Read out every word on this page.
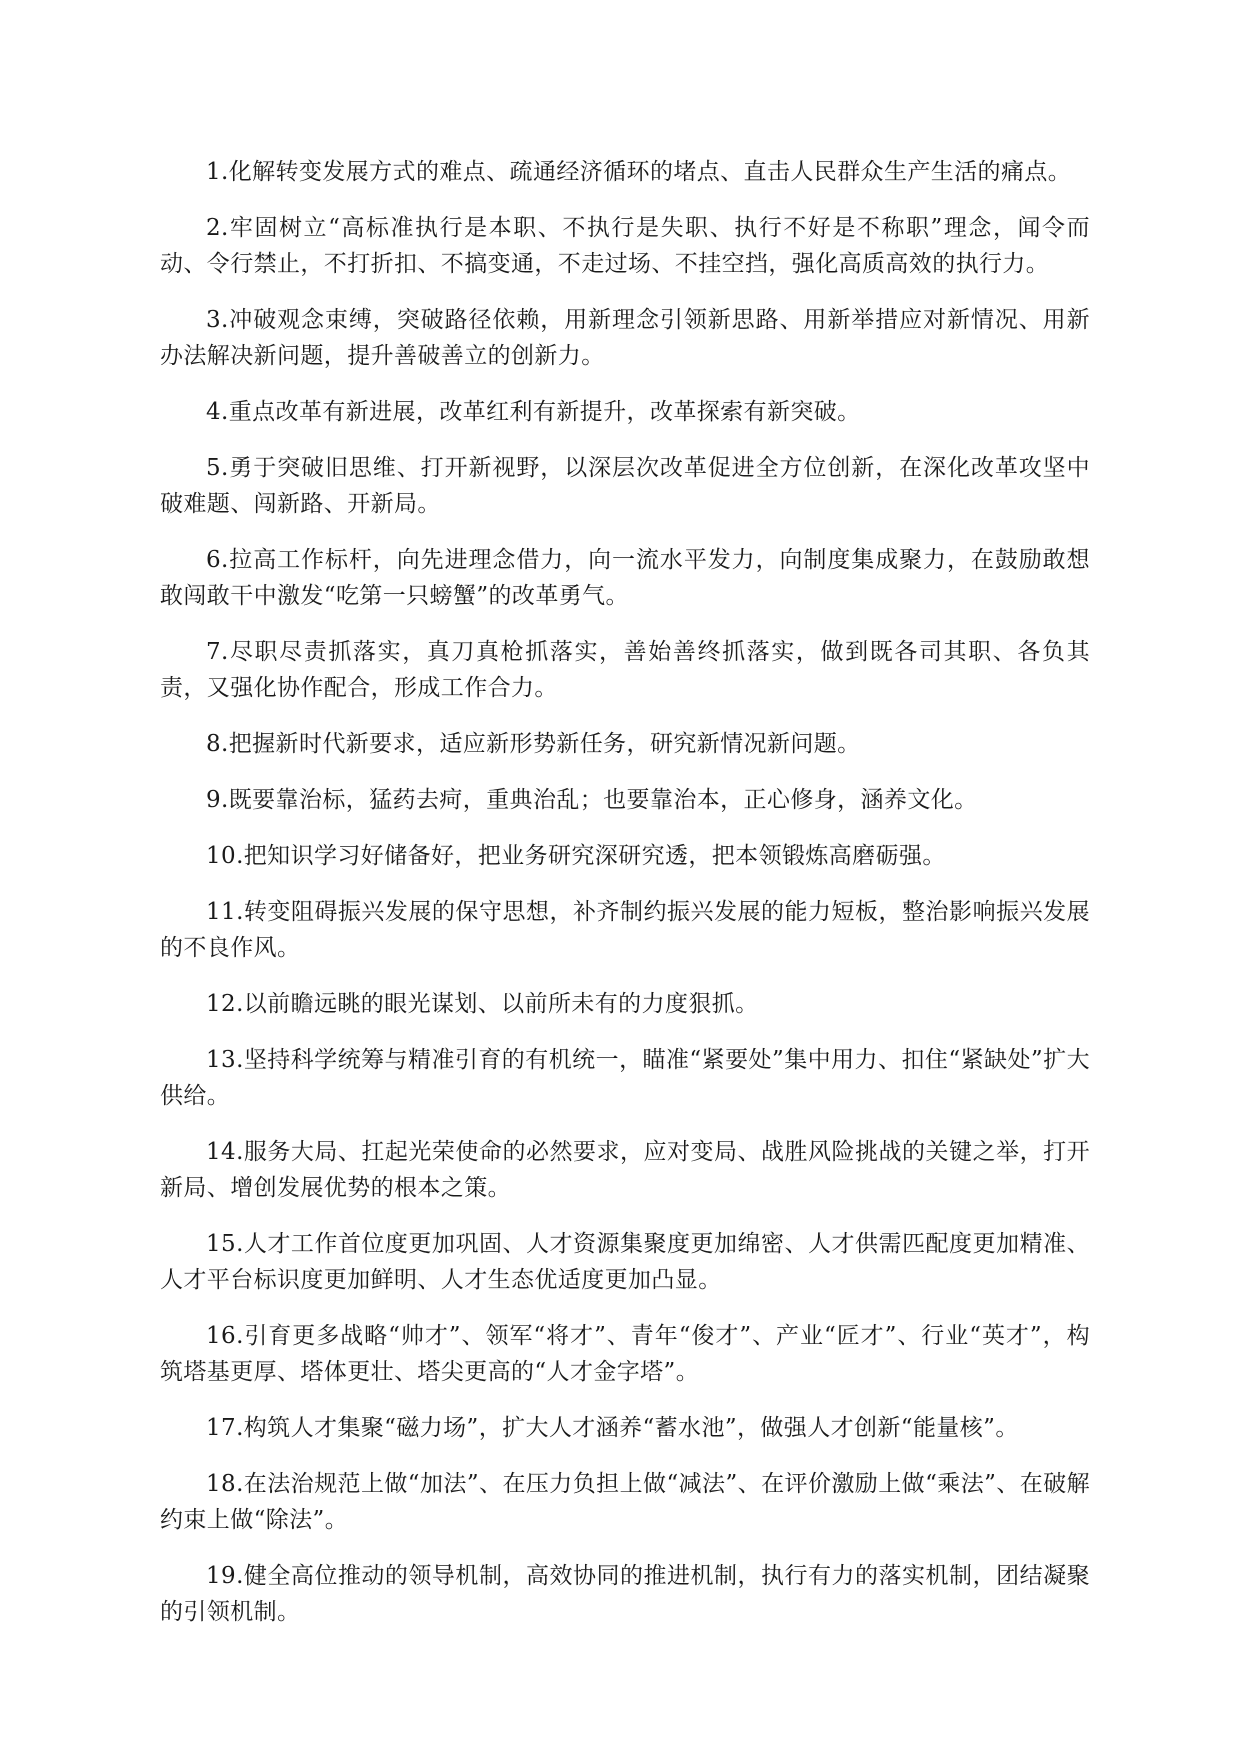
1.化解转变发展方式的难点、疏通经济循环的堵点、直击人民群众生产生活的痛点。

2.牢固树立“高标准执行是本职、不执行是失职、执行不好是不称职”理念，闻令而动、令行禁止，不打折扣、不搞变通，不走过场、不挂空挡，强化高质高效的执行力。

3.冲破观念束缚，突破路径依赖，用新理念引领新思路、用新举措应对新情况、用新办法解决新问题，提升善破善立的创新力。

4.重点改革有新进展，改革红利有新提升，改革探索有新突破。

5.勇于突破旧思维、打开新视野，以深层次改革促进全方位创新，在深化改革攻坚中破难题、闯新路、开新局。

6.拉高工作标杆，向先进理念借力，向一流水平发力，向制度集成聚力，在鼓励敢想敢闯敢干中激发“吃第一只螃蟹”的改革勇气。

7.尽职尽责抓落实，真刀真枪抓落实，善始善终抓落实，做到既各司其职、各负其责，又强化协作配合，形成工作合力。

8.把握新时代新要求，适应新形势新任务，研究新情况新问题。

9.既要靠治标，猛药去疴，重典治乱；也要靠治本，正心修身，涵养文化。

10.把知识学习好储备好，把业务研究深研究透，把本领锻炼高磨砺强。

11.转变阻碍振兴发展的保守思想，补齐制约振兴发展的能力短板，整治影响振兴发展的不良作风。

12.以前瞻远眺的眼光谋划、以前所未有的力度狠抓。

13.坚持科学统筹与精准引育的有机统一，瞄准“紧要处”集中用力、扣住“紧缺处”扩大供给。

14.服务大局、扛起光荣使命的必然要求，应对变局、战胜风险挑战的关键之举，打开新局、增创发展优势的根本之策。

15.人才工作首位度更加巩固、人才资源集聚度更加绵密、人才供需匹配度更加精准、人才平台标识度更加鲜明、人才生态优适度更加凸显。

16.引育更多战略“帅才”、领军“将才”、青年“俊才”、产业“匠才”、行业“英才”，构筑塔基更厚、塔体更壮、塔尖更高的“人才金字塔”。

17.构筑人才集聚“磁力场”，扩大人才涵养“蓄水池”，做强人才创新“能量核”。

18.在法治规范上做“加法”、在压力负担上做“减法”、在评价激励上做“乘法”、在破解约束上做“除法”。

19.健全高位推动的领导机制，高效协同的推进机制，执行有力的落实机制，团结凝聚的引领机制。
